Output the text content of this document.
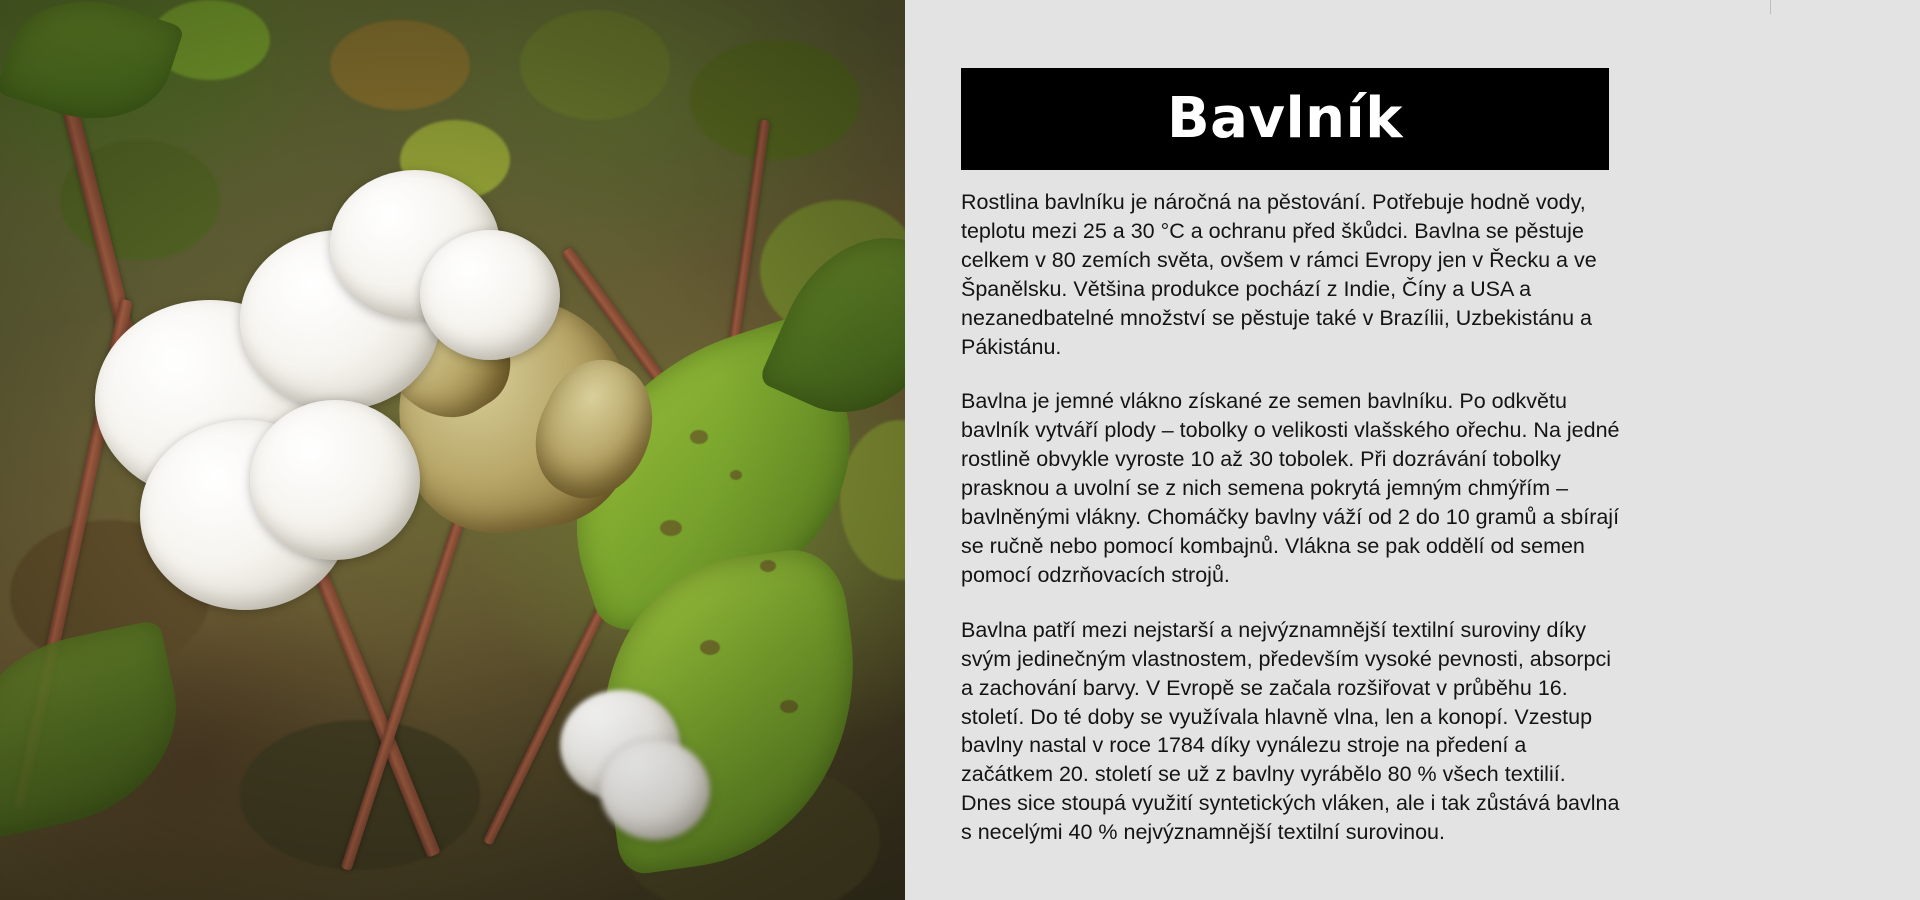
Bavlník

Rostlina bavlníku je náročná na pěstování. Potřebuje hodně vody, teplotu mezi 25 a 30 °C a ochranu před škůdci. Bavlna se pěstuje celkem v 80 zemích světa, ovšem v rámci Evropy jen v Řecku a ve Španělsku. Většina produkce pochází z Indie, Číny a USA a nezanedbatelné množství se pěstuje také v Brazílii, Uzbekistánu a Pákistánu.

Bavlna je jemné vlákno získané ze semen bavlníku. Po odkvětu bavlník vytváří plody – tobolky o velikosti vlašského ořechu. Na jedné rostlině obvykle vyroste 10 až 30 tobolek. Při dozrávání tobolky prasknou a uvolní se z nich semena pokrytá jemným chmýřím – bavlněnými vlákny. Chomáčky bavlny váží od 2 do 10 gramů a sbírají se ručně nebo pomocí kombajnů. Vlákna se pak oddělí od semen pomocí odzrňovacích strojů.

Bavlna patří mezi nejstarší a nejvýznamnější textilní suroviny díky svým jedinečným vlastnostem, především vysoké pevnosti, absorpci a zachování barvy. V Evropě se začala rozšiřovat v průběhu 16. století. Do té doby se využívala hlavně vlna, len a konopí. Vzestup bavlny nastal v roce 1784 díky vynálezu stroje na předení a začátkem 20. století se už z bavlny vyrábělo 80 % všech textilií. Dnes sice stoupá využití syntetických vláken, ale i tak zůstává bavlna s necelými 40 % nejvýznamnější textilní surovinou.
